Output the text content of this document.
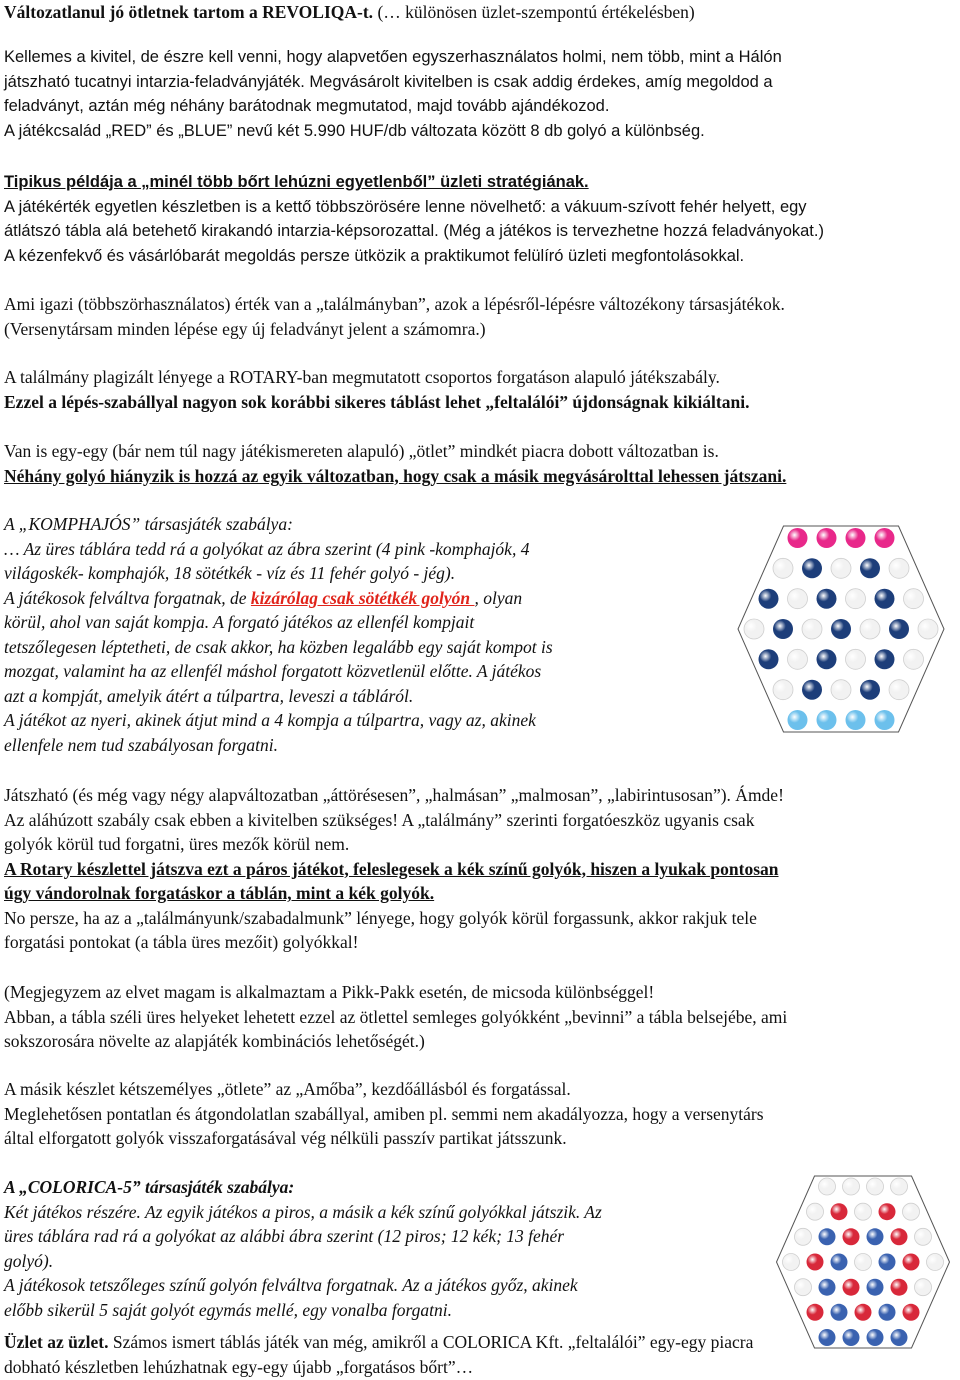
Változatlanul jó ötletnek tartom a REVOLIQA-t. (… különösen üzlet-szempontú értékelésben)

Kellemes a kivitel, de észre kell venni, hogy alapvetően egyszerhasználatos holmi, nem több, mint a Hálón

játszható tucatnyi intarzia-feladványjáték. Megvásárolt kivitelben is csak addig érdekes, amíg megoldod a

feladványt, aztán még néhány barátodnak megmutatod, majd tovább ajándékozod.

A játékcsalád „RED” és „BLUE” nevű két 5.990 HUF/db változata között 8 db golyó a különbség.

Tipikus példája a „minél több bőrt lehúzni egyetlenből” üzleti stratégiának.

A játékérték egyetlen készletben is a kettő többszörösére lenne növelhető: a vákuum-szívott fehér helyett, egy

átlátszó tábla alá betehető kirakandó intarzia-képsorozattal. (Még a játékos is tervezhetne hozzá feladványokat.)

A kézenfekvő és vásárlóbarát megoldás persze ütközik a praktikumot felülíró üzleti megfontolásokkal.

Ami igazi (többszörhasználatos) érték van a „találmányban”, azok a lépésről-lépésre változékony társasjátékok.

(Versenytársam minden lépése egy új feladványt jelent a számomra.)

A találmány plagizált lényege a ROTARY-ban megmutatott csoportos forgatáson alapuló játékszabály.

Ezzel a lépés-szabállyal nagyon sok korábbi sikeres táblást lehet „feltalálói” újdonságnak kikiáltani.

Van is egy-egy (bár nem túl nagy játékismereten alapuló) „ötlet” mindkét piacra dobott változatban is.

Néhány golyó hiányzik is hozzá az egyik változatban, hogy csak a másik megvásárolttal lehessen játszani.

A „KOMPHAJÓS” társasjáték szabálya:

… Az üres táblára tedd rá a golyókat az ábra szerint (4 pink -komphajók, 4

világoskék- komphajók, 18 sötétkék - víz és 11 fehér golyó - jég).

A játékosok felváltva forgatnak, de kizárólag csak sötétkék golyón , olyan

körül, ahol van saját kompja. A forgató játékos az ellenfél kompjait

tetszőlegesen léptetheti, de csak akkor, ha közben legalább egy saját kompot is

mozgat, valamint ha az ellenfél máshol forgatott közvetlenül előtte. A játékos

azt a kompját, amelyik átért a túlpartra, leveszi a tábláról.

A játékot az nyeri, akinek átjut mind a 4 kompja a túlpartra, vagy az, akinek

ellenfele nem tud szabályosan forgatni.

Játszható (és még vagy négy alapváltozatban „áttörésesen”, „halmásan” „malmosan”, „labirintusosan”). Ámde!

Az aláhúzott szabály csak ebben a kivitelben szükséges! A „találmány” szerinti forgatóeszköz ugyanis csak

golyók körül tud forgatni, üres mezők körül nem.

A Rotary készlettel játszva ezt a páros játékot, feleslegesek a kék színű golyók, hiszen a lyukak pontosan

úgy vándorolnak forgatáskor a táblán, mint a kék golyók.

No persze, ha az a „találmányunk/szabadalmunk” lényege, hogy golyók körül forgassunk, akkor rakjuk tele

forgatási pontokat (a tábla üres mezőit) golyókkal!

(Megjegyzem az elvet magam is alkalmaztam a Pikk-Pakk esetén, de micsoda különbséggel!

Abban, a tábla széli üres helyeket lehetett ezzel az ötlettel semleges golyókként „bevinni” a tábla belsejébe, ami

sokszorosára növelte az alapjáték kombinációs lehetőségét.)

A másik készlet kétszemélyes „ötlete” az „Amőba”, kezdőállásból és forgatással.

Meglehetősen pontatlan és átgondolatlan szabállyal, amiben pl. semmi nem akadályozza, hogy a versenytárs

által elforgatott golyók visszaforgatásával vég nélküli passzív partikat játsszunk.

A „COLORICA-5” társasjáték szabálya:

Két játékos részére. Az egyik játékos a piros, a másik a kék színű golyókkal játszik. Az

üres táblára rad rá a golyókat az alábbi ábra szerint (12 piros; 12 kék; 13 fehér

golyó).

A játékosok tetszőleges színű golyón felváltva forgatnak. Az a játékos győz, akinek

előbb sikerül 5 saját golyót egymás mellé, egy vonalba forgatni.

Üzlet az üzlet. Számos ismert táblás játék van még, amikről a COLORICA Kft. „feltalálói” egy-egy piacra

dobható készletben lehúzhatnak egy-egy újabb „forgatásos bőrt”…
